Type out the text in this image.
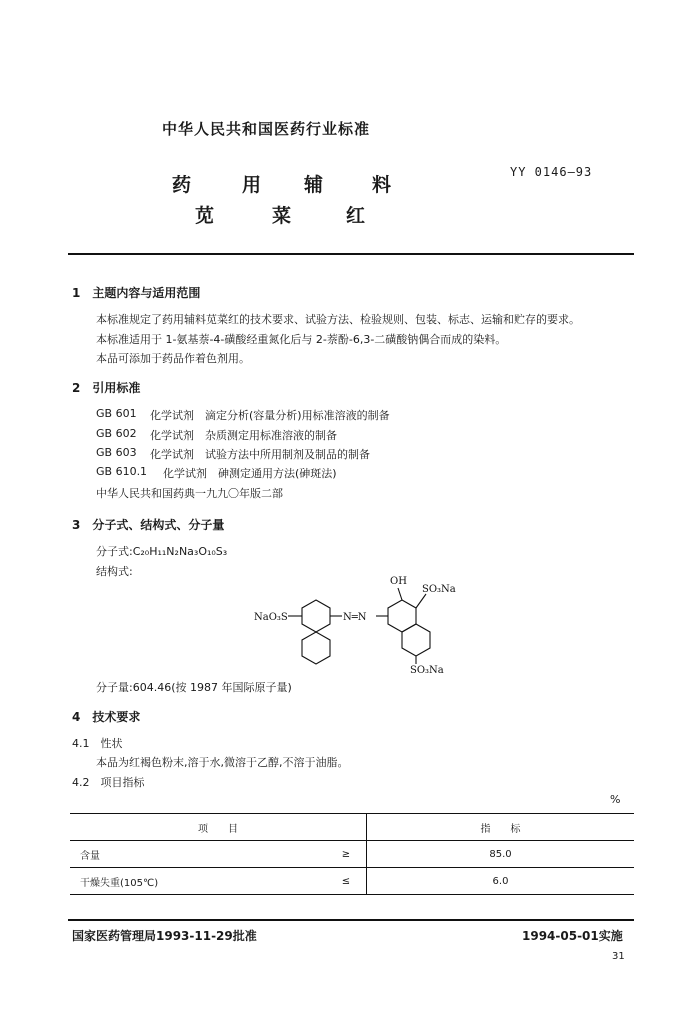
中华人民共和国医药行业标准
药	用 辅	料
苋	菜	红
YY 0146—93
1　主题内容与适用范围
本标准规定了药用辅料苋菜红的技术要求、试验方法、检验规则、包装、标志、运输和贮存的要求。
本标准适用于 1-氨基萘-4-磺酸经重氮化后与 2-萘酚-6,3-二磺酸钠偶合而成的染料。
本品可添加于药品作着色剂用。
2　引用标准
GB 601 化学试剂　滴定分析(容量分析)用标准溶液的制备
GB 602 化学试剂　杂质测定用标准溶液的制备
GB 603 化学试剂　试验方法中所用制剂及制品的制备
GB 610.1 化学试剂　砷测定通用方法(砷斑法)
中华人民共和国药典一九九〇年版二部
3　分子式、结构式、分子量
分子式:C₂₀H₁₁N₂Na₃O₁₀S₃
结构式:
OH
SO₃Na
NaO₃S	N═N
SO₃Na
分子量:604.46(按 1987 年国际原子量)
4　技术要求
4.1　性状
本品为红褐色粉末,溶于水,微溶于乙醇,不溶于油脂。
4.2　项目指标
%
项　　目		指　　标
含量	≥	85.0
干燥失重(105℃)	≤	6.0
国家医药管理局1993-11-29批准	1994-05-01实施
31
